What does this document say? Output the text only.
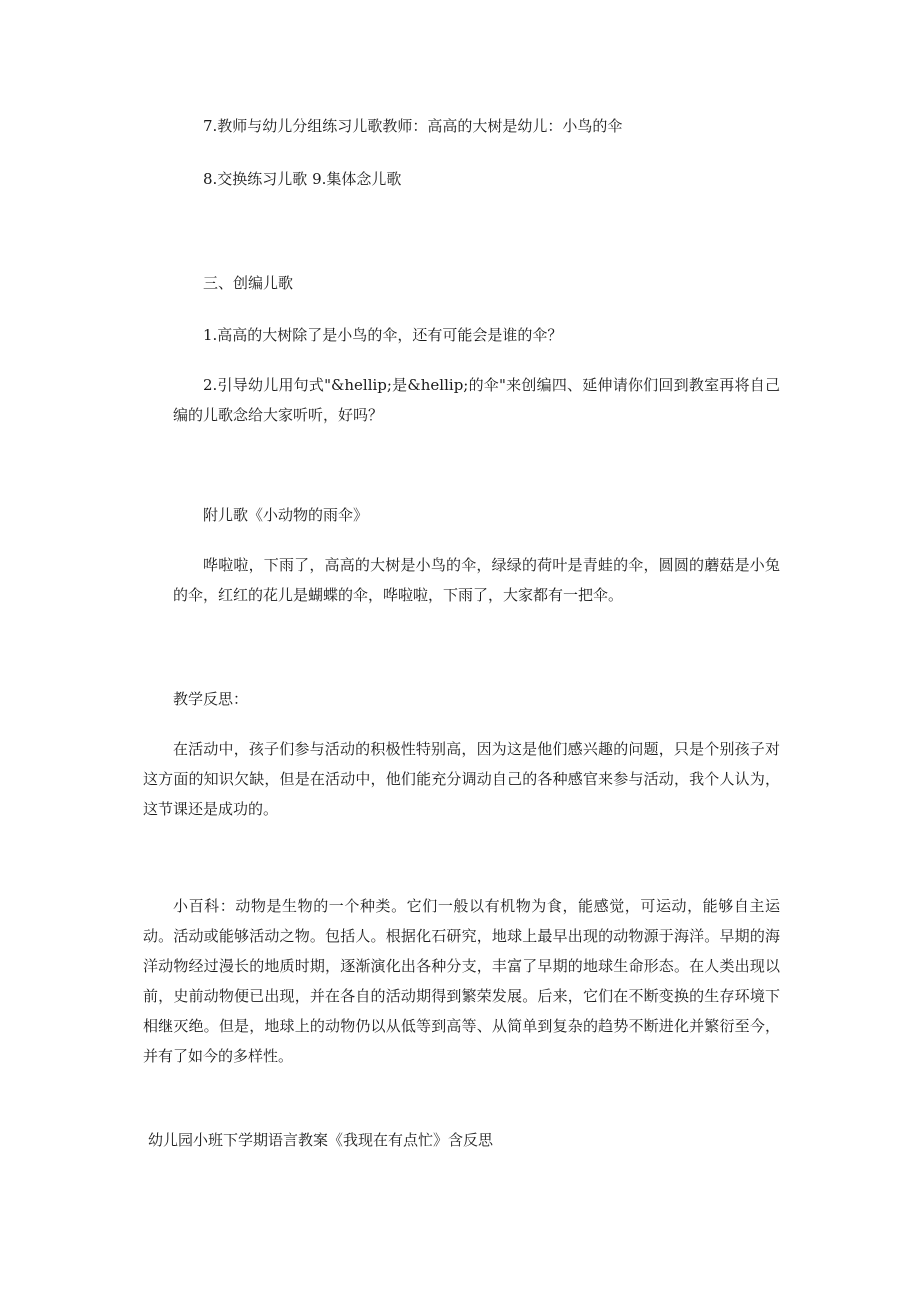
7.教师与幼儿分组练习儿歌教师：高高的大树是幼儿：小鸟的伞

8.交换练习儿歌 9.集体念儿歌

三、创编儿歌

1.高高的大树除了是小鸟的伞，还有可能会是谁的伞？

2.引导幼儿用句式"&hellip;是&hellip;的伞"来创编四、延伸请你们回到教室再将自己编的儿歌念给大家听听，好吗？

附儿歌《小动物的雨伞》

哗啦啦，下雨了，高高的大树是小鸟的伞，绿绿的荷叶是青蛙的伞，圆圆的蘑菇是小兔的伞，红红的花儿是蝴蝶的伞，哗啦啦，下雨了，大家都有一把伞。

教学反思：

在活动中，孩子们参与活动的积极性特别高，因为这是他们感兴趣的问题，只是个别孩子对这方面的知识欠缺，但是在活动中，他们能充分调动自己的各种感官来参与活动，我个人认为，这节课还是成功的。

小百科：动物是生物的一个种类。它们一般以有机物为食，能感觉，可运动，能够自主运动。活动或能够活动之物。包括人。根据化石研究，地球上最早出现的动物源于海洋。早期的海洋动物经过漫长的地质时期，逐渐演化出各种分支，丰富了早期的地球生命形态。在人类出现以前，史前动物便已出现，并在各自的活动期得到繁荣发展。后来，它们在不断变换的生存环境下相继灭绝。但是，地球上的动物仍以从低等到高等、从简单到复杂的趋势不断进化并繁衍至今，并有了如今的多样性。

幼儿园小班下学期语言教案《我现在有点忙》含反思
